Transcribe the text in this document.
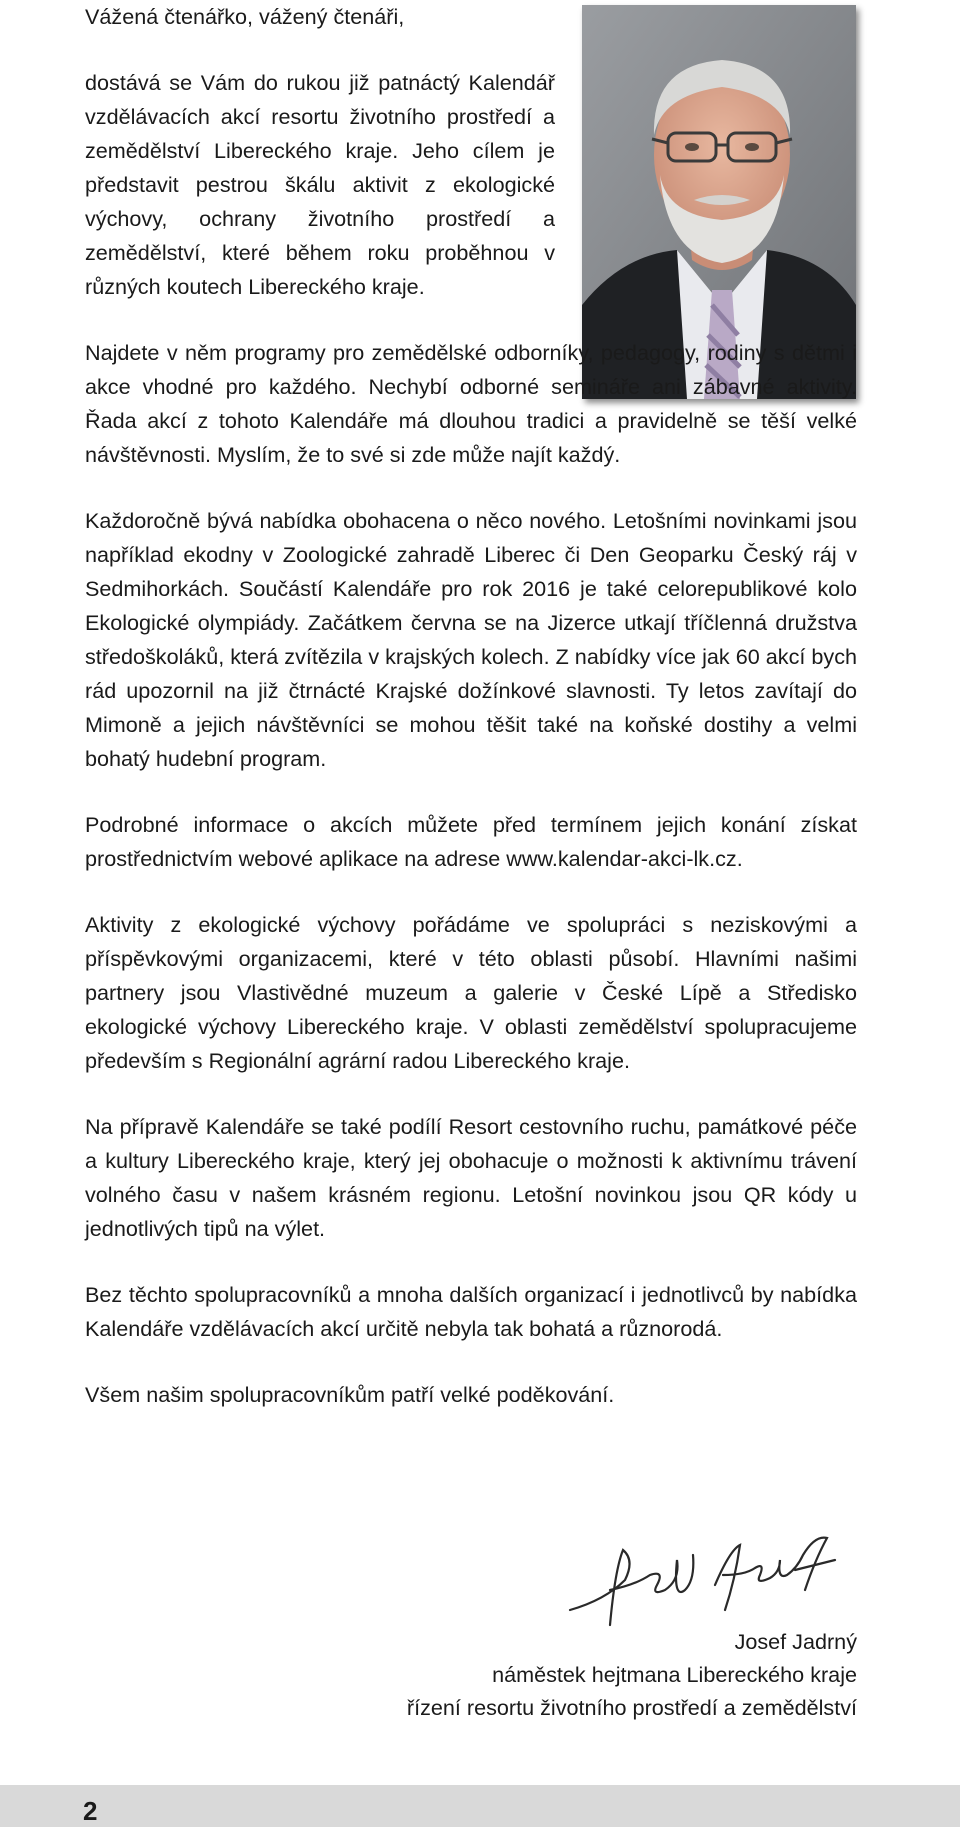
Vážená čtenářko, vážený čtenáři,

dostává se Vám do rukou již patnáctý Kalendář vzdělávacích akcí resortu životního prostředí a zemědělství Libereckého kraje. Jeho cílem je představit pestrou škálu aktivit z ekologické výchovy, ochrany životního prostředí a zemědělství, které během roku proběhnou v různých koutech Libereckého kraje.

Najdete v něm programy pro zemědělské odborníky, pedagogy, rodiny s dětmi i akce vhodné pro každého. Nechybí odborné semináře ani zábavné aktivity. Řada akcí z tohoto Kalendáře má dlouhou tradici a pravidelně se těší velké návštěvnosti. Myslím, že to své si zde může najít každý.

Každoročně bývá nabídka obohacena o něco nového. Letošními novinkami jsou například ekodny v Zoologické zahradě Liberec či Den Geoparku Český ráj v Sedmihorkách. Součástí Kalendáře pro rok 2016 je také celorepublikové kolo Ekologické olympiády. Začátkem června se na Jizerce utkají tříčlenná družstva středoškoláků, která zvítězila v krajských kolech. Z nabídky více jak 60 akcí bych rád upozornil na již čtrnácté Krajské dožínkové slavnosti. Ty letos zavítají do Mimoně a jejich návštěvníci se mohou těšit také na koňské dostihy a velmi bohatý hudební program.

Podrobné informace o akcích můžete před termínem jejich konání získat prostřednictvím webové aplikace na adrese www.kalendar-akci-lk.cz.

Aktivity z ekologické výchovy pořádáme ve spolupráci s neziskovými a příspěvkovými organizacemi, které v této oblasti působí. Hlavními našimi partnery jsou Vlastivědné muzeum a galerie v České Lípě a Středisko ekologické výchovy Libereckého kraje. V oblasti zemědělství spolupracujeme především s Regionální agrární radou Libereckého kraje.

Na přípravě Kalendáře se také podílí Resort cestovního ruchu, památkové péče a kultury Libereckého kraje, který jej obohacuje o možnosti k aktivnímu trávení volného času v našem krásném regionu. Letošní novinkou jsou QR kódy u jednotlivých tipů na výlet.

Bez těchto spolupracovníků a mnoha dalších organizací i jednotlivců by nabídka Kalendáře vzdělávacích akcí určitě nebyla tak bohatá a různorodá.

Všem našim spolupracovníkům patří velké poděkování.

Josef Jadrný
náměstek hejtmana Libereckého kraje
řízení resortu životního prostředí a zemědělství
2
